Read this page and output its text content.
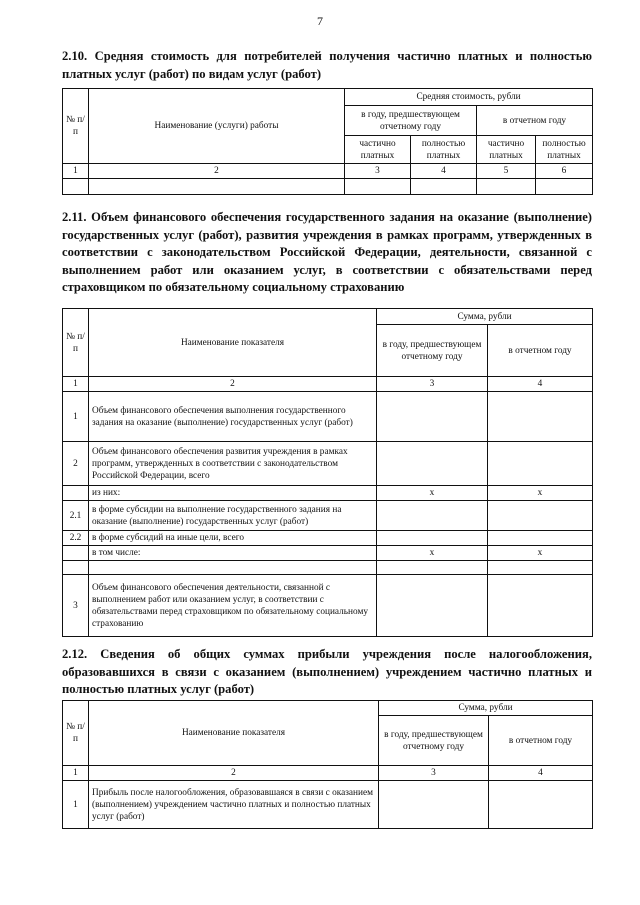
7
2.10. Средняя стоимость для потребителей получения частично платных и полностью платных услуг (работ) по видам услуг (работ)
№ п/п	Наименование (услуги) работы	Средняя стоимость, рубли			
		в году, предшествующем отчетному году		в отчетном году	
		частично платных	полностью платных	частично платных	полностью платных
1	2	3	4	5	6

2.11. Объем финансового обеспечения государственного задания на оказание (выполнение) государственных услуг (работ), развития учреждения в рамках программ, утвержденных в соответствии с законодательством Российской Федерации, деятельности, связанной с выполнением работ или оказанием услуг, в соответствии с обязательствами перед страховщиком по обязательному социальному страхованию
№ п/п	Наименование показателя	Сумма, рубли	
		в году, предшествующем отчетному году	в отчетном году
1	2	3	4
1	Объем финансового обеспечения выполнения государственного задания на оказание (выполнение) государственных услуг (работ)		
2	Объем финансового обеспечения развития учреждения в рамках программ, утвержденных в соответствии с законодательством Российской Федерации, всего		
	из них:	x	x
2.1	в форме субсидии на выполнение государственного задания на оказание (выполнение) государственных услуг (работ)		
2.2	в форме субсидий на иные цели, всего		
	в том числе:	x	x

3	Объем финансового обеспечения деятельности, связанной с выполнением работ или оказанием услуг, в соответствии с обязательствами перед страховщиком по обязательному социальному страхованию		
2.12. Сведения об общих суммах прибыли учреждения после налогообложения, образовавшихся в связи с оказанием (выполнением) учреждением частично платных и полностью платных услуг (работ)
№ п/п	Наименование показателя	Сумма, рубли	
		в году, предшествующем отчетному году	в отчетном году
1	2	3	4
1	Прибыль после налогообложения, образовавшаяся в связи с оказанием (выполнением) учреждением частично платных и полностью платных услуг (работ)		
